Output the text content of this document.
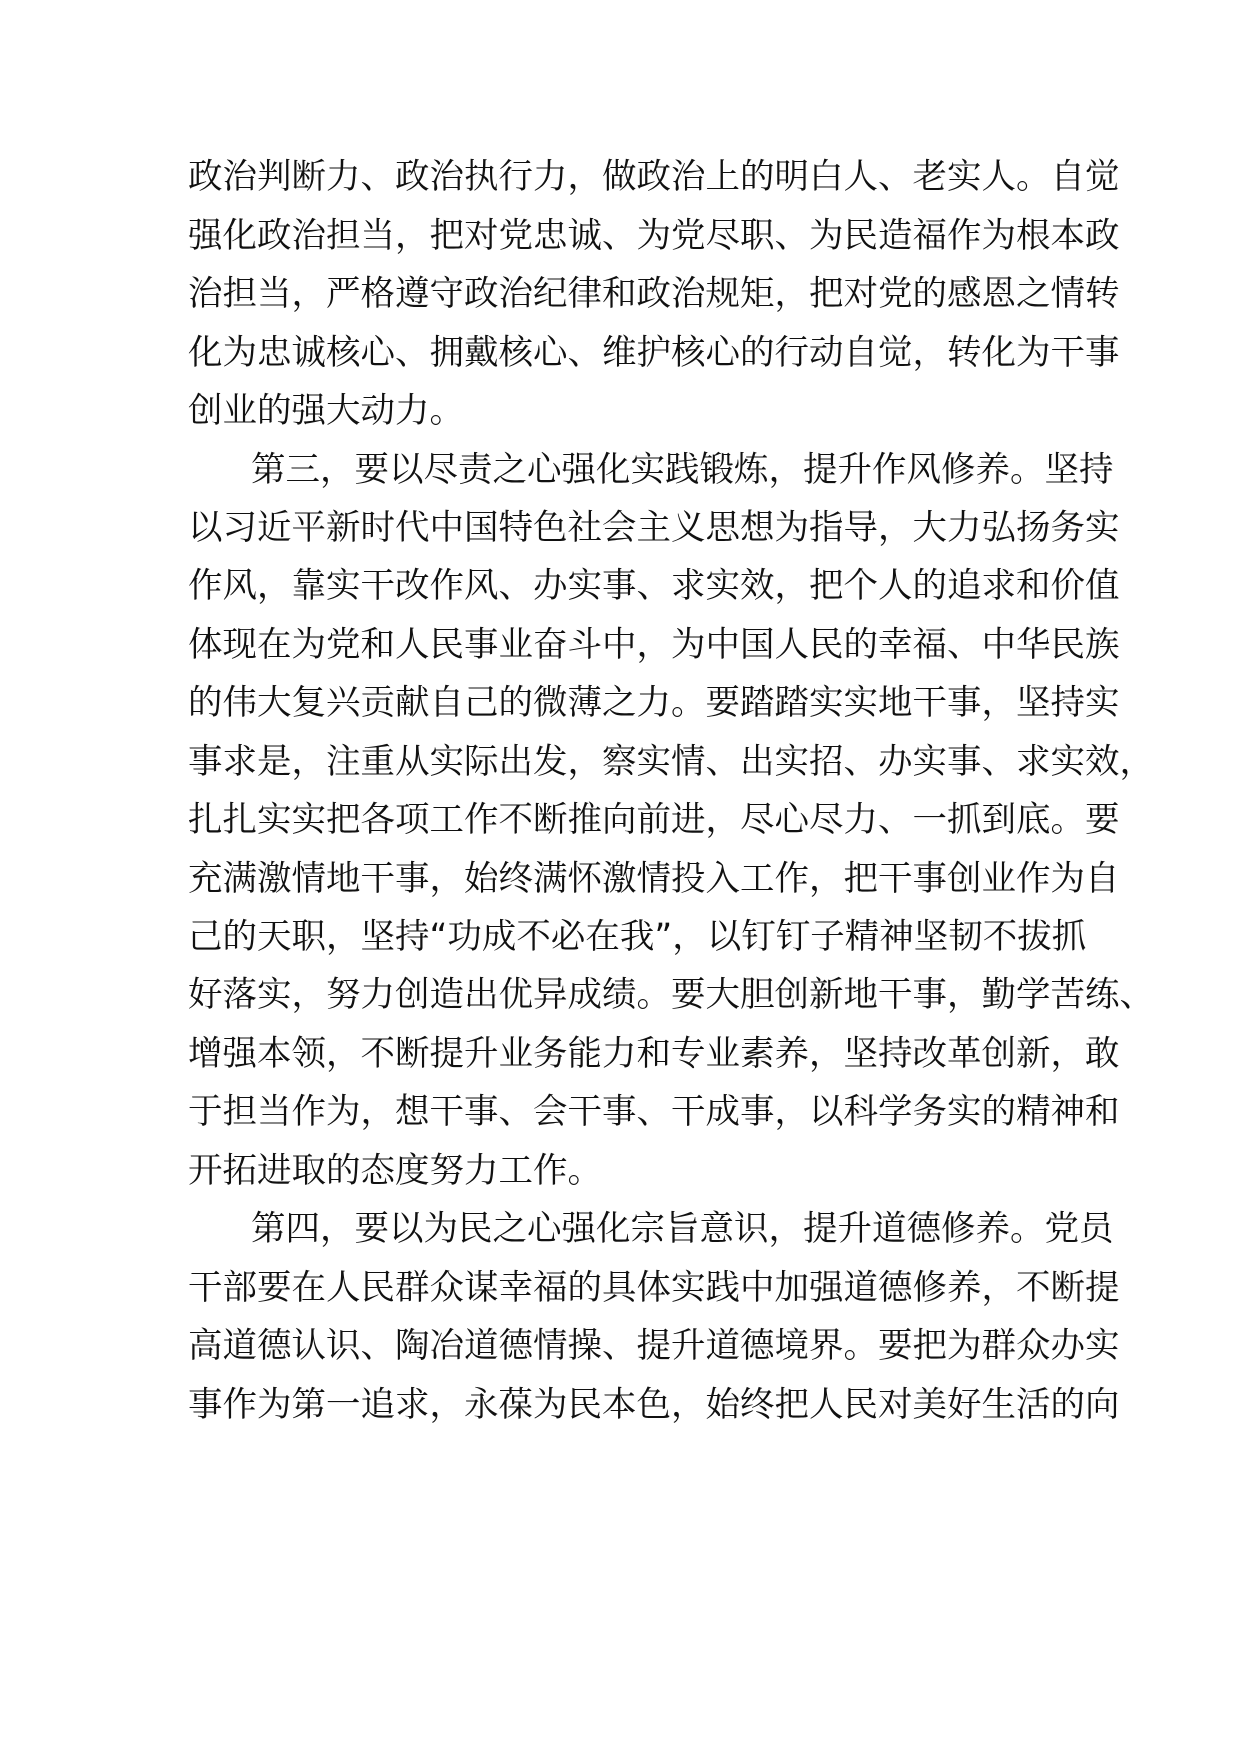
政治判断力、政治执行力，做政治上的明白人、老实人。自觉
强化政治担当，把对党忠诚、为党尽职、为民造福作为根本政
治担当，严格遵守政治纪律和政治规矩，把对党的感恩之情转
化为忠诚核心、拥戴核心、维护核心的行动自觉，转化为干事
创业的强大动力。
第三，要以尽责之心强化实践锻炼，提升作风修养。坚持
以习近平新时代中国特色社会主义思想为指导，大力弘扬务实
作风，靠实干改作风、办实事、求实效，把个人的追求和价值
体现在为党和人民事业奋斗中，为中国人民的幸福、中华民族
的伟大复兴贡献自己的微薄之力。要踏踏实实地干事，坚持实
事求是，注重从实际出发，察实情、出实招、办实事、求实效，
扎扎实实把各项工作不断推向前进，尽心尽力、一抓到底。要
充满激情地干事，始终满怀激情投入工作，把干事创业作为自
己的天职，坚持“功成不必在我”，以钉钉子精神坚韧不拔抓
好落实，努力创造出优异成绩。要大胆创新地干事，勤学苦练、
增强本领，不断提升业务能力和专业素养，坚持改革创新，敢
于担当作为，想干事、会干事、干成事，以科学务实的精神和
开拓进取的态度努力工作。
第四，要以为民之心强化宗旨意识，提升道德修养。党员
干部要在人民群众谋幸福的具体实践中加强道德修养，不断提
高道德认识、陶冶道德情操、提升道德境界。要把为群众办实
事作为第一追求，永葆为民本色，始终把人民对美好生活的向
